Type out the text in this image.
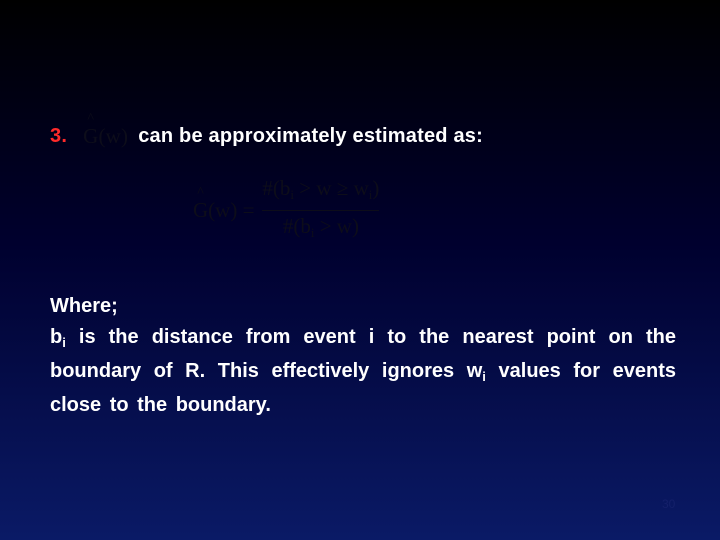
3.
^ G(w) can be approximately estimated as:
^ $G(w) = \frac{\#(b_i > w \ge w_i)}{\#(b_i > w)}$

Where;

$b_i$ is the distance from event i to the nearest point on the boundary of R. This effectively ignores $w_i$ values for events close to the boundary.

30
